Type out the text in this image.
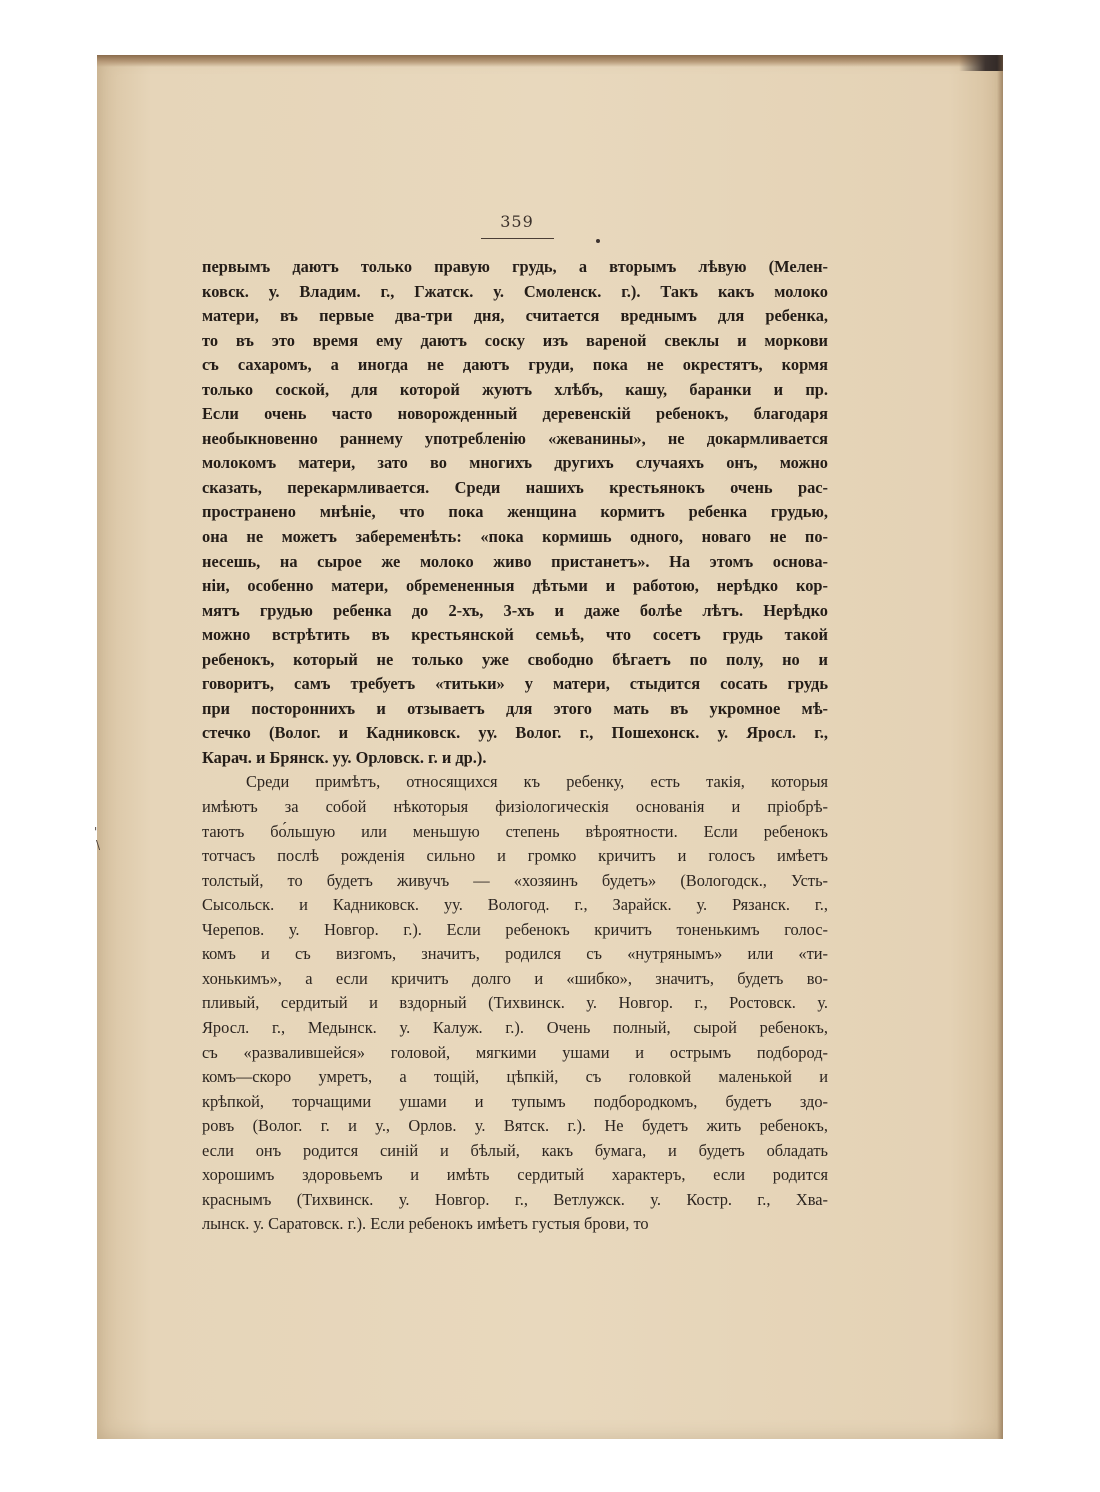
359
'
\
первымъ даютъ только правую грудь, а вторымъ лѣвую (Мелен-
ковск. у. Владим. г., Гжатск. у. Смоленск. г.). Такъ какъ молоко
матери, въ первые два-три дня, считается вреднымъ для ребенка,
то въ это время ему даютъ соску изъ вареной свеклы и моркови
съ сахаромъ, а иногда не даютъ груди, пока не окрестятъ, кормя
только соской, для которой жуютъ хлѣбъ, кашу, баранки и пр.
Если очень часто новорожденный деревенскій ребенокъ, благодаря
необыкновенно раннему употребленію «жеванины», не докармливается
молокомъ матери, зато во многихъ другихъ случаяхъ онъ, можно
сказать, перекармливается. Среди нашихъ крестьянокъ очень рас-
пространено мнѣніе, что пока женщина кормитъ ребенка грудью,
она не можетъ забеременѣть: «пока кормишь одного, новаго не по-
несешь, на сырое же молоко живо пристанетъ». На этомъ основа-
ніи, особенно матери, обремененныя дѣтьми и работою, нерѣдко кор-
мятъ грудью ребенка до 2-хъ, 3-хъ и даже болѣе лѣтъ. Нерѣдко
можно встрѣтить въ крестьянской семьѣ, что сосетъ грудь такой
ребенокъ, который не только уже свободно бѣгаетъ по полу, но и
говоритъ, самъ требуетъ «титьки» у матери, стыдится сосать грудь
при постороннихъ и отзываетъ для этого мать въ укромное мѣ-
стечко (Волог. и Кадниковск. уу. Волог. г., Пошехонск. у. Яросл. г.,
Карач. и Брянск. уу. Орловск. г. и др.).
Среди примѣтъ, относящихся къ ребенку, есть такія, которыя
имѣютъ за собой нѣкоторыя физіологическія основанія и пріобрѣ-
таютъ бо́льшую или меньшую степень вѣроятности. Если ребенокъ
тотчасъ послѣ рожденія сильно и громко кричитъ и голосъ имѣетъ
толстый, то будетъ живучъ — «хозяинъ будетъ» (Вологодск., Усть-
Сысольск. и Кадниковск. уу. Вологод. г., Зарайск. у. Рязанск. г.,
Черепов. у. Новгор. г.). Если ребенокъ кричитъ тоненькимъ голос-
комъ и съ визгомъ, значитъ, родился съ «нутрянымъ» или «ти-
хонькимъ», а если кричитъ долго и «шибко», значитъ, будетъ во-
пливый, сердитый и вздорный (Тихвинск. у. Новгор. г., Ростовск. у.
Яросл. г., Медынск. у. Калуж. г.). Очень полный, сырой ребенокъ,
съ «развалившейся» головой, мягкими ушами и острымъ подбород-
комъ—скоро умретъ, а тощій, цѣпкій, съ головкой маленькой и
крѣпкой, торчащими ушами и тупымъ подбородкомъ, будетъ здо-
ровъ (Волог. г. и у., Орлов. у. Вятск. г.). Не будетъ жить ребенокъ,
если онъ родится синій и бѣлый, какъ бумага, и будетъ обладать
хорошимъ здоровьемъ и имѣть сердитый характеръ, если родится
краснымъ (Тихвинск. у. Новгор. г., Ветлужск. у. Костр. г., Хва-
лынск. у. Саратовск. г.). Если ребенокъ имѣетъ густыя брови, то
